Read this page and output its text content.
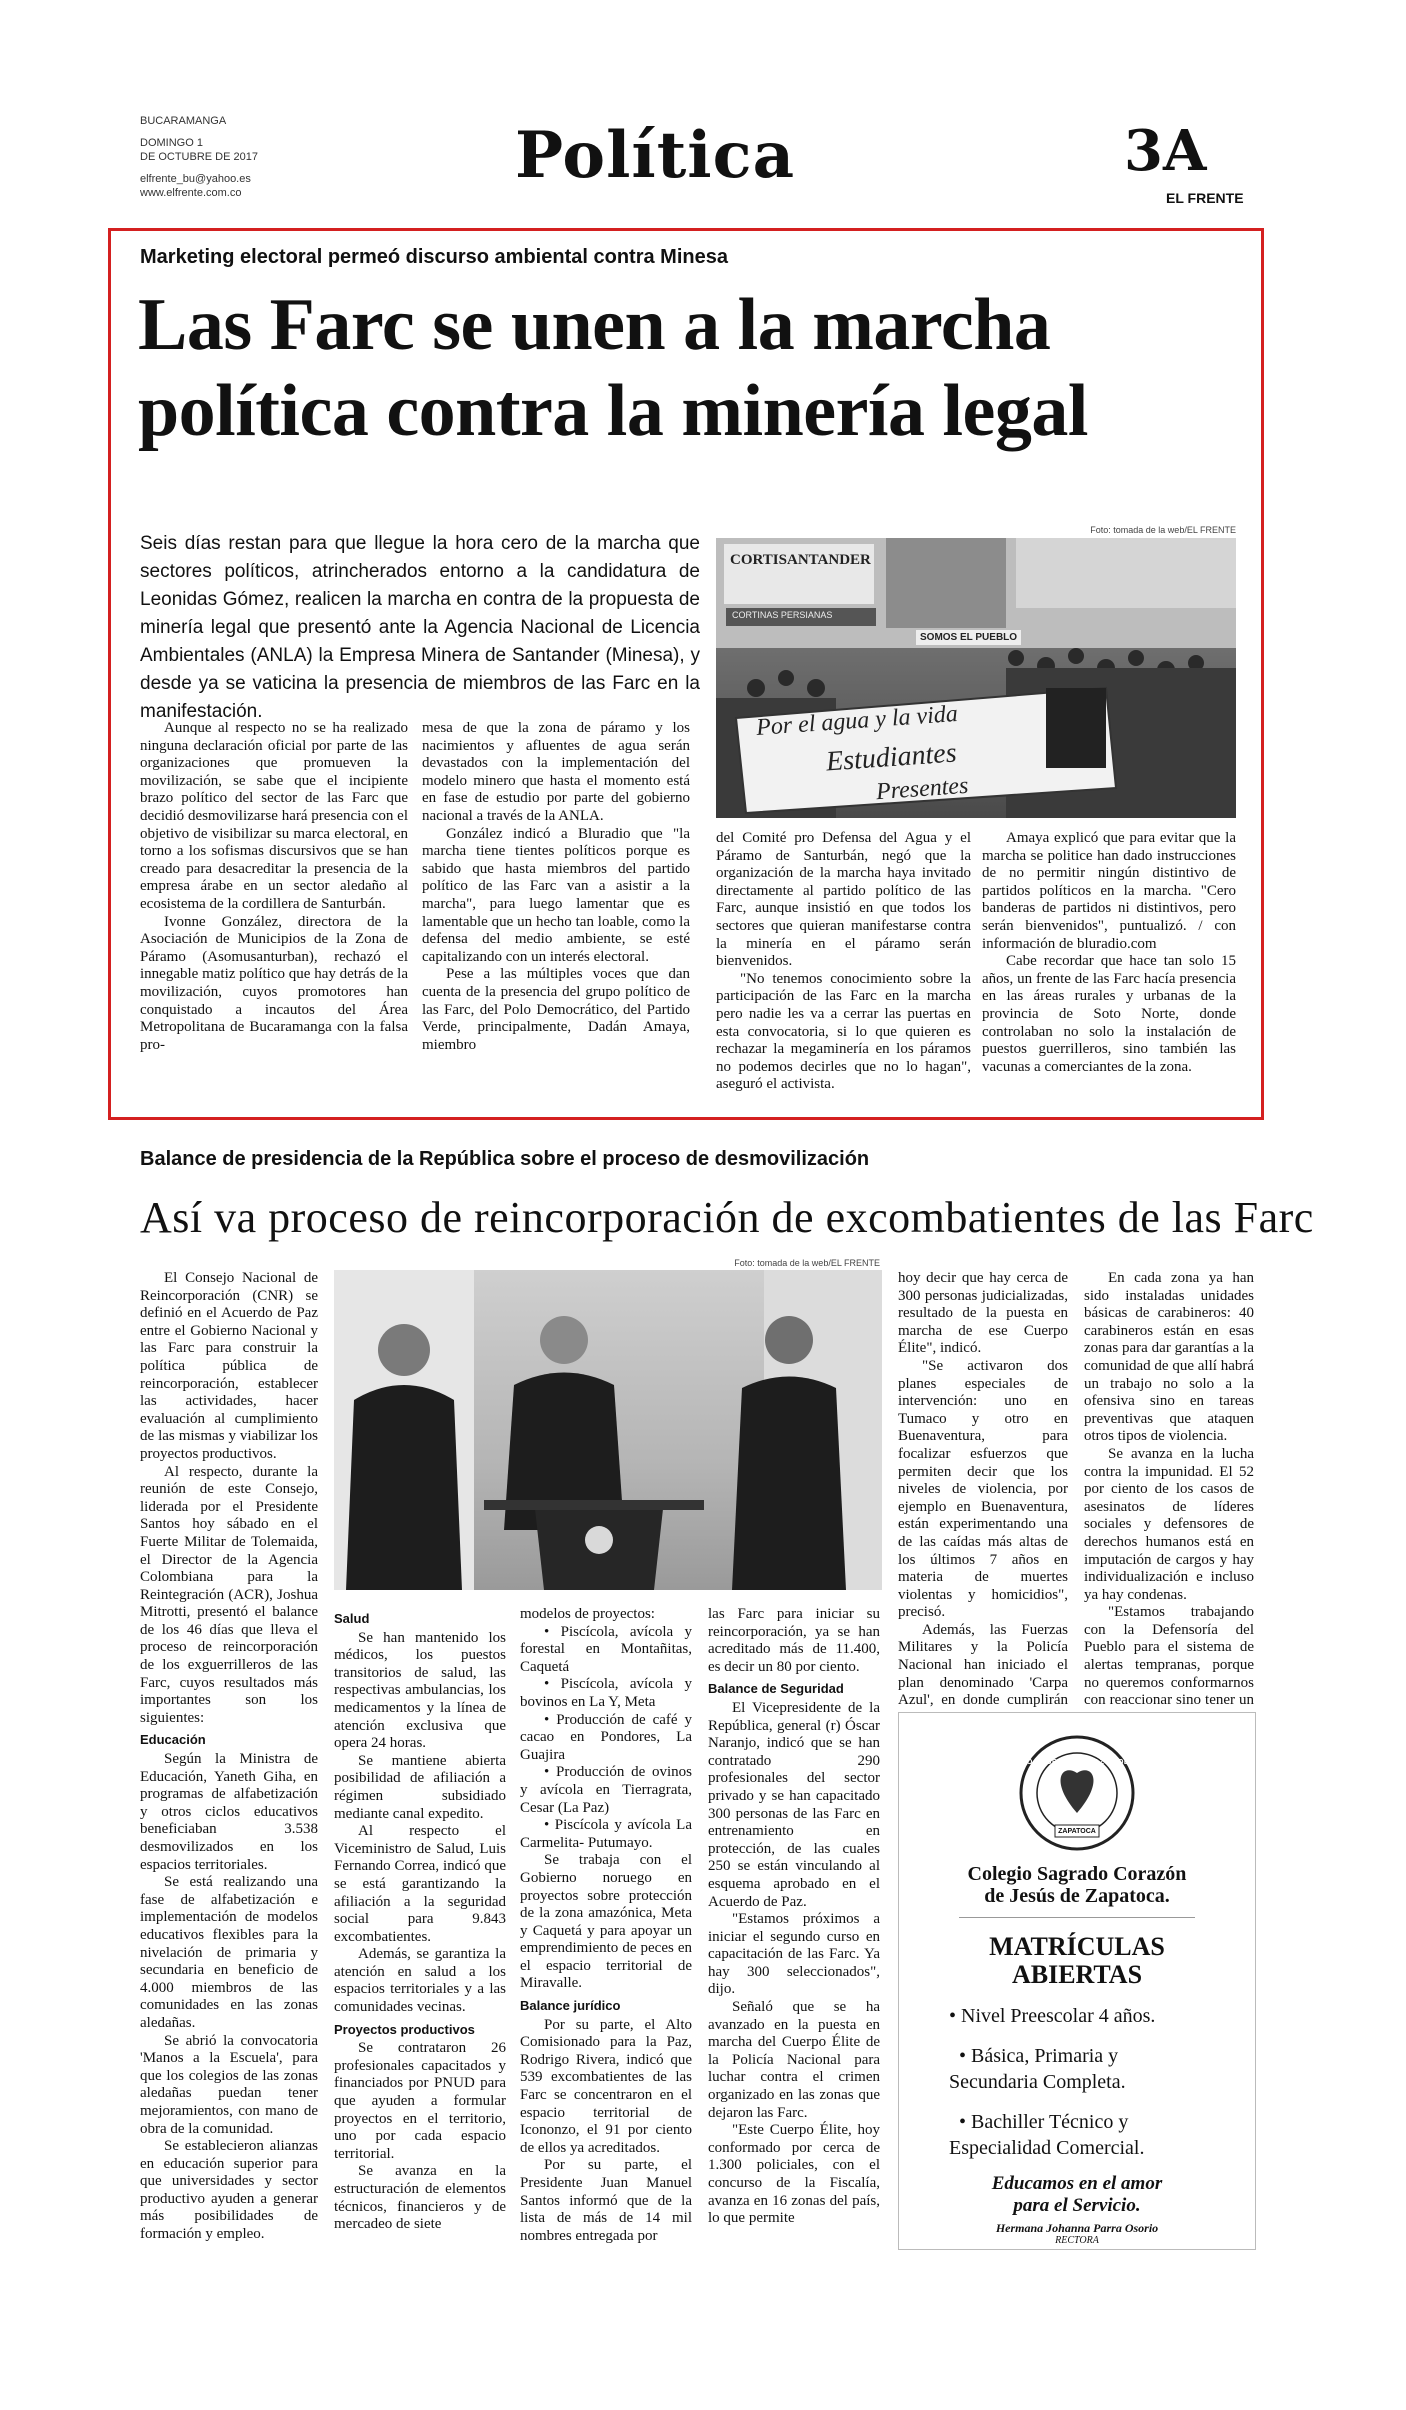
BUCARAMANGA
DOMINGO 1
DE OCTUBRE DE 2017
elfrente_bu@yahoo.es
www.elfrente.com.co	Política	3A
EL FRENTE
Marketing electoral permeó discurso ambiental contra Minesa
Las Farc se unen a la marcha
política contra la minería legal
Seis días restan para que llegue la hora cero de la marcha que sectores políticos, atrincherados entorno a la candidatura de Leonidas Gómez, realicen la marcha en contra de la propuesta de minería legal que presentó ante la Agencia Nacional de Licencia Ambientales (ANLA) la Empresa Minera de Santander (Minesa), y desde ya se vaticina la presencia de miembros de las Farc en la manifestación.
Foto: tomada de la web/EL FRENTE
CORTISANTANDER
CORTINAS PERSIANAS
SOMOS EL PUEBLO
Por el agua y la vida
Estudiantes
Presentes

Aunque al respecto no se ha realizado ninguna declaración oficial por parte de las organizaciones que promueven la movilización, se sabe que el incipiente brazo político del sector de las Farc que decidió desmovilizarse hará presencia con el objetivo de visibilizar su marca electoral, en torno a los sofismas discursivos que se han creado para desacreditar la presencia de la empresa árabe en un sector aledaño al ecosistema de la cordillera de Santurbán.

Ivonne González, directora de la Asociación de Municipios de la Zona de Páramo (Asomusanturban), rechazó el innegable matiz político que hay detrás de la movilización, cuyos promotores han conquistado a incautos del Área Metropolitana de Bucaramanga con la falsa pro-

mesa de que la zona de páramo y los nacimientos y afluentes de agua serán devastados con la implementación del modelo minero que hasta el momento está en fase de estudio por parte del gobierno nacional a través de la ANLA.

González indicó a Bluradio que "la marcha tiene tientes políticos porque es sabido que hasta miembros del partido político de las Farc van a asistir a la marcha", para luego lamentar que es lamentable que un hecho tan loable, como la defensa del medio ambiente, se esté capitalizando con un interés electoral.

Pese a las múltiples voces que dan cuenta de la presencia del grupo político de las Farc, del Polo Democrático, del Partido Verde, principalmente, Dadán Amaya, miembro

del Comité pro Defensa del Agua y el Páramo de Santurbán, negó que la organización de la marcha haya invitado directamente al partido político de las Farc, aunque insistió en que todos los sectores que quieran manifestarse contra la minería en el páramo serán bienvenidos.

"No tenemos conocimiento sobre la participación de las Farc en la marcha pero nadie les va a cerrar las puertas en esta convocatoria, si lo que quieren es rechazar la megaminería en los páramos no podemos decirles que no lo hagan", aseguró el activista.

Amaya explicó que para evitar que la marcha se politice han dado instrucciones de no permitir ningún distintivo de partidos políticos en la marcha. "Cero banderas de partidos ni distintivos, pero serán bienvenidos", puntualizó. / con información de bluradio.com

Cabe recordar que hace tan solo 15 años, un frente de las Farc hacía presencia en las áreas rurales y urbanas de la provincia de Soto Norte, donde controlaban no solo la instalación de puestos guerrilleros, sino también las vacunas a comerciantes de la zona.

Balance de presidencia de la República sobre el proceso de desmovilización
Así va proceso de reincorporación de excombatientes de las Farc
Foto: tomada de la web/EL FRENTE

El Consejo Nacional de Reincorporación (CNR) se definió en el Acuerdo de Paz entre el Gobierno Nacional y las Farc para construir la política pública de reincorporación, establecer las actividades, hacer evaluación al cumplimiento de las mismas y viabilizar los proyectos productivos.

Al respecto, durante la reunión de este Consejo, liderada por el Presidente Santos hoy sábado en el Fuerte Militar de Tolemaida, el Director de la Agencia Colombiana para la Reintegración (ACR), Joshua Mitrotti, presentó el balance de los 46 días que lleva el proceso de reincorporación de los exguerrilleros de las Farc, cuyos resultados más importantes son los siguientes:

Educación

Según la Ministra de Educación, Yaneth Giha, en programas de alfabetización y otros ciclos educativos beneficiaban 3.538 desmovilizados en los espacios territoriales.

Se está realizando una fase de alfabetización e implementación de modelos educativos flexibles para la nivelación de primaria y secundaria en beneficio de 4.000 miembros de las comunidades en las zonas aledañas.

Se abrió la convocatoria 'Manos a la Escuela', para que los colegios de las zonas aledañas puedan tener mejoramientos, con mano de obra de la comunidad.

Se establecieron alianzas en educación superior para que universidades y sector productivo ayuden a generar más posibilidades de formación y empleo.

Salud

Se han mantenido los médicos, los puestos transitorios de salud, las respectivas ambulancias, los medicamentos y la línea de atención exclusiva que opera 24 horas.

Se mantiene abierta posibilidad de afiliación a régimen subsidiado mediante canal expedito.

Al respecto el Viceministro de Salud, Luis Fernando Correa, indicó que se está garantizando la afiliación a la seguridad social para 9.843 excombatientes.

Además, se garantiza la atención en salud a los espacios territoriales y a las comunidades vecinas.

Proyectos productivos

Se contrataron 26 profesionales capacitados y financiados por PNUD para que ayuden a formular proyectos en el territorio, uno por cada espacio territorial.

Se avanza en la estructuración de elementos técnicos, financieros y de mercadeo de siete

modelos de proyectos:

• Piscícola, avícola y forestal en Montañitas, Caquetá

• Piscícola, avícola y bovinos en La Y, Meta

• Producción de café y cacao en Pondores, La Guajira

• Producción de ovinos y avícola en Tierragrata, Cesar (La Paz)

• Piscícola y avícola La Carmelita- Putumayo.

Se trabaja con el Gobierno noruego en proyectos sobre protección de la zona amazónica, Meta y Caquetá y para apoyar un emprendimiento de peces en el espacio territorial de Miravalle.

Balance jurídico

Por su parte, el Alto Comisionado para la Paz, Rodrigo Rivera, indicó que 539 excombatientes de las Farc se concentraron en el espacio territorial de Icononzo, el 91 por ciento de ellos ya acreditados.

Por su parte, el Presidente Juan Manuel Santos informó que de la lista de más de 14 mil nombres entregada por

las Farc para iniciar su reincorporación, ya se han acreditado más de 11.400, es decir un 80 por ciento.

Balance de Seguridad

El Vicepresidente de la República, general (r) Óscar Naranjo, indicó que se han contratado 290 profesionales del sector privado y se han capacitado 300 personas de las Farc en entrenamiento en protección, de las cuales 250 se están vinculando al esquema aprobado en el Acuerdo de Paz.

"Estamos próximos a iniciar el segundo curso en capacitación de las Farc. Ya hay 300 seleccionados", dijo.

Señaló que se ha avanzado en la puesta en marcha del Cuerpo Élite de la Policía Nacional para luchar contra el crimen organizado en las zonas que dejaron las Farc.

"Este Cuerpo Élite, hoy conformado por cerca de 1.300 policiales, con el concurso de la Fiscalía, avanza en 16 zonas del país, lo que permite

hoy decir que hay cerca de 300 personas judicializadas, resultado de la puesta en marcha de ese Cuerpo Élite", indicó.

"Se activaron dos planes especiales de intervención: uno en Tumaco y otro en Buenaventura, para focalizar esfuerzos que permiten decir que los niveles de violencia, por ejemplo en Buenaventura, están experimentando una de las caídas más altas de los últimos 7 años en materia de muertes violentas y homicidios", precisó.

Además, las Fuerzas Militares y la Policía Nacional han iniciado el plan denominado 'Carpa Azul', en donde cumplirán

En cada zona ya han sido instaladas unidades básicas de carabineros: 40 carabineros están en esas zonas para dar garantías a la comunidad de que allí habrá un trabajo no solo a la ofensiva sino en tareas preventivas que ataquen otros tipos de violencia.

Se avanza en la lucha contra la impunidad. El 52 por ciento de los casos de asesinatos de líderes sociales y defensores de derechos humanos está en imputación de cargos y hay individualización e incluso ya hay condenas.

"Estamos trabajando con la Defensoría del Pueblo para el sistema de alertas tempranas, porque no queremos conformarnos con reaccionar sino tener un

COLEGIO SAGRADO CORAZÓN DE JESÚS
ZAPATOCA
Colegio Sagrado Corazón
de Jesús de Zapatoca.
MATRÍCULAS
ABIERTAS
• Nivel Preescolar 4 años.
• Básica, Primaria y
Secundaria Completa.
• Bachiller Técnico y
Especialidad Comercial.
Educamos en el amor
para el Servicio.
Hermana Johanna Parra Osorio
RECTORA
